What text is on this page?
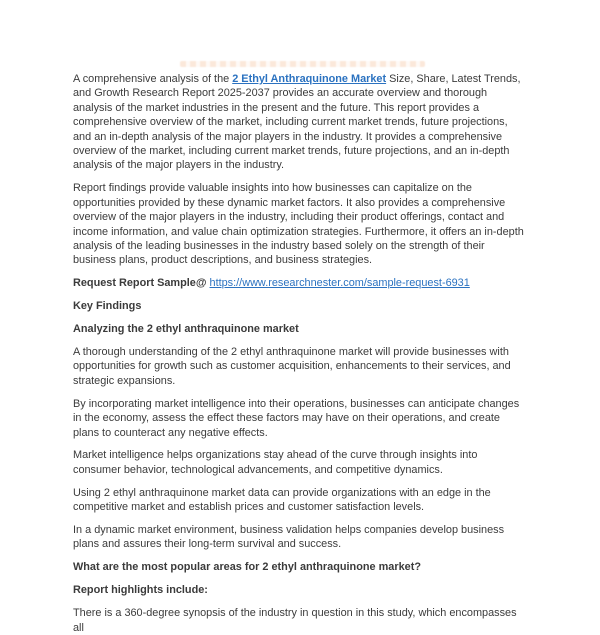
A comprehensive analysis of the 2 Ethyl Anthraquinone Market Size, Share, Latest Trends, and Growth Research Report 2025-2037 provides an accurate overview and thorough analysis of the market industries in the present and the future. This report provides a comprehensive overview of the market, including current market trends, future projections, and an in-depth analysis of the major players in the industry. It provides a comprehensive overview of the market, including current market trends, future projections, and an in-depth analysis of the major players in the industry.

Report findings provide valuable insights into how businesses can capitalize on the opportunities provided by these dynamic market factors. It also provides a comprehensive overview of the major players in the industry, including their product offerings, contact and income information, and value chain optimization strategies. Furthermore, it offers an in-depth analysis of the leading businesses in the industry based solely on the strength of their business plans, product descriptions, and business strategies.

Request Report Sample@ https://www.researchnester.com/sample-request-6931

Key Findings

Analyzing the 2 ethyl anthraquinone market

A thorough understanding of the 2 ethyl anthraquinone market will provide businesses with opportunities for growth such as customer acquisition, enhancements to their services, and strategic expansions.

By incorporating market intelligence into their operations, businesses can anticipate changes in the economy, assess the effect these factors may have on their operations, and create plans to counteract any negative effects.

Market intelligence helps organizations stay ahead of the curve through insights into consumer behavior, technological advancements, and competitive dynamics.

Using 2 ethyl anthraquinone market data can provide organizations with an edge in the competitive market and establish prices and customer satisfaction levels.

In a dynamic market environment, business validation helps companies develop business plans and assures their long-term survival and success.

What are the most popular areas for 2 ethyl anthraquinone market?

Report highlights include:

There is a 360-degree synopsis of the industry in question in this study, which encompasses all
